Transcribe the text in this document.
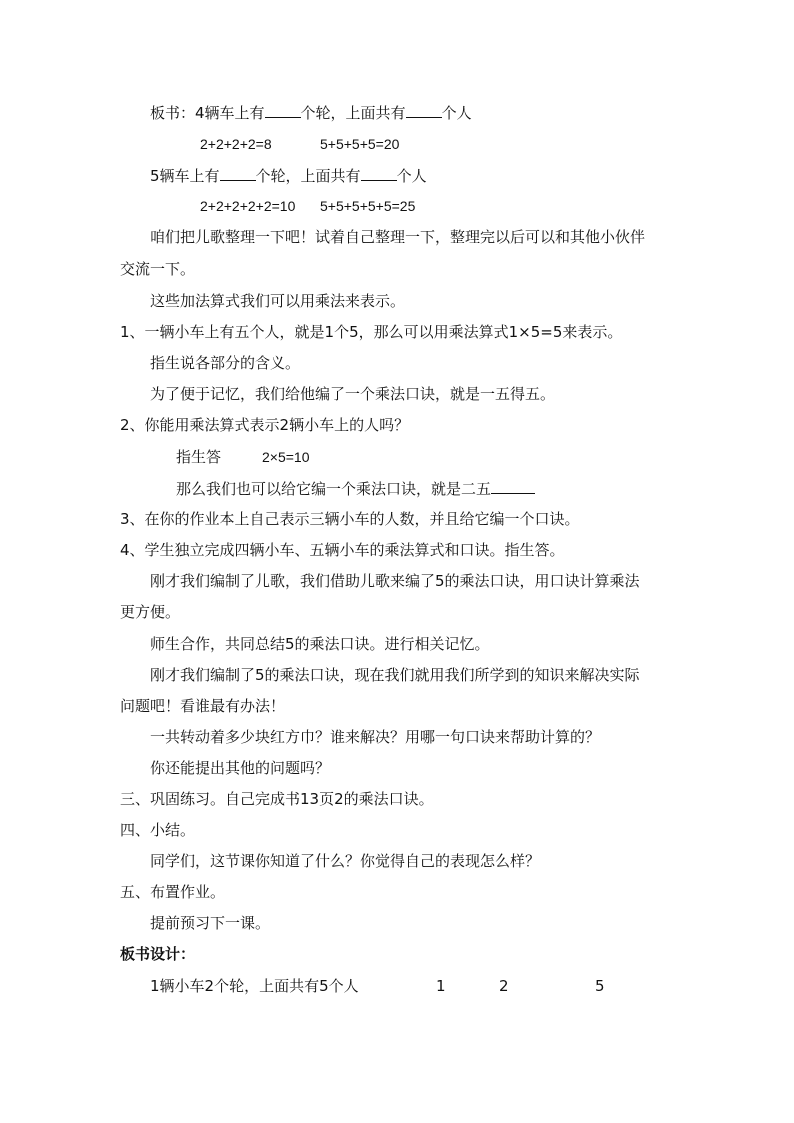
板书：4辆车上有 个轮，上面共有 个人
2+2+2+2=8	5+5+5+5=20
5辆车上有 个轮，上面共有 个人
2+2+2+2+2=10 5+5+5+5+5=25
咱们把儿歌整理一下吧！试着自己整理一下，整理完以后可以和其他小伙伴
交流一下。
这些加法算式我们可以用乘法来表示。
1、一辆小车上有五个人，就是1个5，那么可以用乘法算式1×5=5来表示。
指生说各部分的含义。
为了便于记忆，我们给他编了一个乘法口诀，就是一五得五。
2、你能用乘法算式表示2辆小车上的人吗？
指生答	2×5=10
那么我们也可以给它编一个乘法口诀，就是二五
3、在你的作业本上自己表示三辆小车的人数，并且给它编一个口诀。
4、学生独立完成四辆小车、五辆小车的乘法算式和口诀。指生答。
刚才我们编制了儿歌，我们借助儿歌来编了5的乘法口诀，用口诀计算乘法
更方便。
师生合作，共同总结5的乘法口诀。进行相关记忆。
刚才我们编制了5的乘法口诀，现在我们就用我们所学到的知识来解决实际
问题吧！看谁最有办法！
一共转动着多少块红方巾？谁来解决？用哪一句口诀来帮助计算的？
你还能提出其他的问题吗？
三、巩固练习。自己完成书13页2的乘法口诀。
四、小结。
同学们，这节课你知道了什么？你觉得自己的表现怎么样？
五、布置作业。
提前预习下一课。
板书设计：
1辆小车2个轮，上面共有5个人	1	2	5
